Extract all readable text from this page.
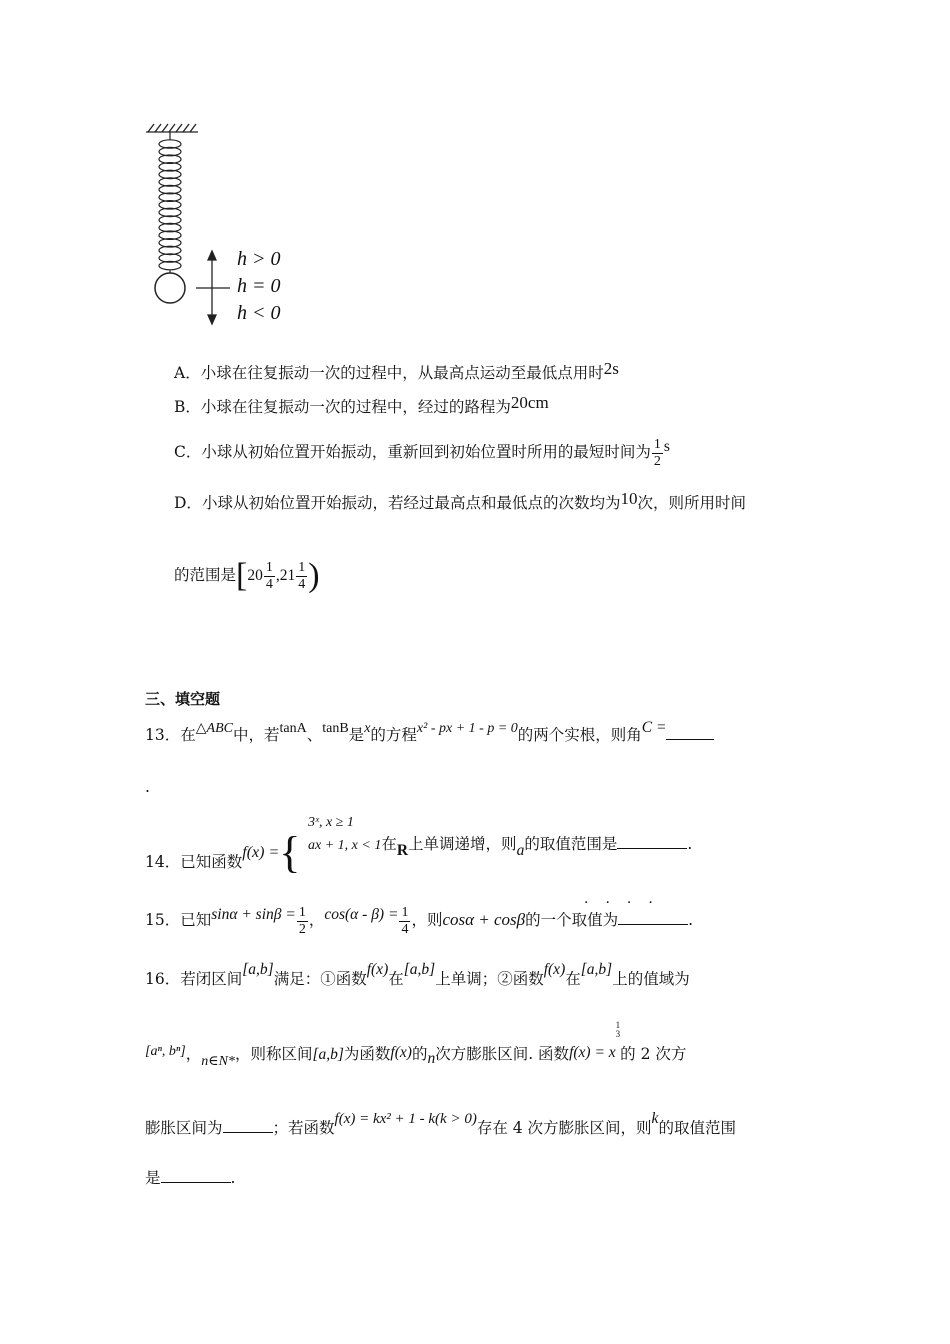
h > 0
h = 0
h < 0
A．小球在往复振动一次的过程中，从最高点运动至最低点用时2s
B．小球在往复振动一次的过程中，经过的路程为20cm
C．小球从初始位置开始振动，重新回到初始位置时所用的最短时间为 $\frac{1}{2}$ s
D．小球从初始位置开始振动，若经过最高点和最低点的次数均为10次，则所用时间
的范围是[$20 \frac{1}{4} ,21 \frac{1}{4}$ )
三、填空题
13．在△ABC中，若tanA、tanB是x的方程x² - px + 1 - p = 0的两个实根，则角C =
.
14．已知函数f(x) ={
3ˣ, x ≥ 1
ax + 1, x < 1在R上单调递增，则a的取值范围是	.
15．已知$\sin\alpha + \sin\beta = \frac{1}{2}$ ，$\cos(\alpha - \beta) = \frac{1}{4}$ ，则cosα + cosβ的一个取值为	.
····
16．若闭区间[a,b]满足：①函数f(x)在[a,b]上单调；②函数f(x)在[a,b]上的值域为
[aⁿ, bⁿ]，n∈N*，则称区间[a,b]为函数f(x)的n次方膨胀区间. 函数f(x) = x
1
3
的 2 次方
膨胀区间为	；若函数f(x) = kx² + 1 - k(k > 0)存在 4 次方膨胀区间，则k的取值范围
是	.
